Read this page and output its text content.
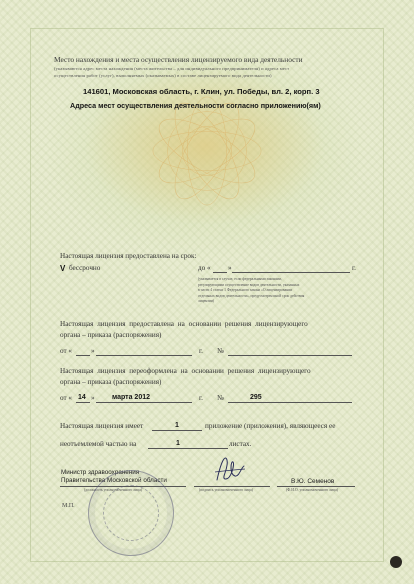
Место нахождения и места осуществления лицензируемого вида деятельности
(указываются адрес места нахождения (места жительства – для индивидуального предпринимателя) и адреса мест
осуществления работ (услуг), выполняемых (оказываемых) в составе лицензируемого вида деятельности)
141601, Московская область, г. Клин, ул. Победы, вл. 2, корп. 3
Адреса мест осуществления деятельности согласно приложению(ям)
Настоящая лицензия предоставлена на срок:
V бессрочно	до « »	г.
(указывается в случае, если федеральными законами,
регулирующими осуществление видов деятельности, указанных
в части 4 статьи 1 Федерального закона «О лицензировании
отдельных видов деятельности», предусмотрен иной срок действия
лицензии)
Настоящая лицензия предоставлена на основании решения лицензирующего
органа – приказа (распоряжения)
от «	»	г. №
Настоящая лицензия переоформлена на основании решения лицензирующего
органа – приказа (распоряжения)
от « 14 » марта 2012	г. №	295
Настоящая лицензия имеет	1	приложение (приложения), являющееся ее
неотъемлемой частью на	1	листах.
Министр здравоохранения
Правительства Московской области
(должность уполномоченного лица)	(подпись уполномоченного лица)
В.Ю. Семенов
(Ф.И.О. уполномоченного лица)
М.П.
